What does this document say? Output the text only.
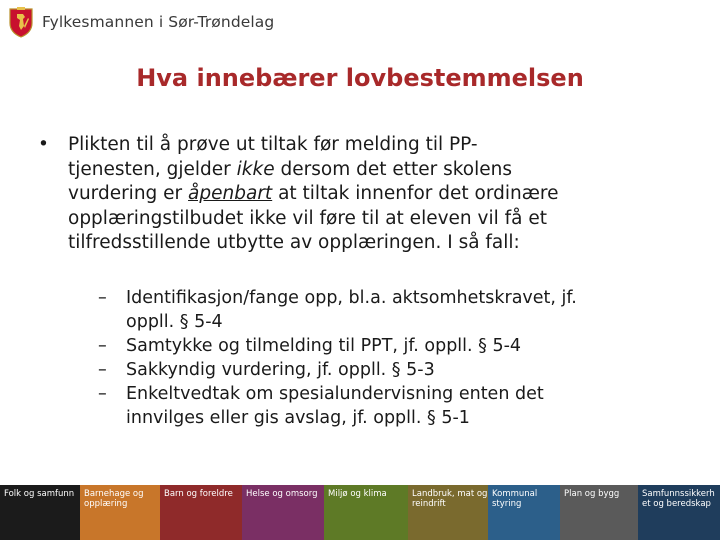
Fylkesmannen i Sør-Trøndelag
Hva innebærer lovbestemmelsen
• Plikten til å prøve ut tiltak før melding til PP-
tjenesten, gjelder ikke dersom det etter skolens
vurdering er åpenbart at tiltak innenfor det ordinære
opplæringstilbudet ikke vil føre til at eleven vil få et
tilfredsstillende utbytte av opplæringen. I så fall:
– Identifikasjon/fange opp, bl.a. aktsomhetskravet, jf.
oppll. § 5-4
– Samtykke og tilmelding til PPT, jf. oppll. § 5-4
– Sakkyndig vurdering, jf. oppll. § 5-3
– Enkeltvedtak om spesialundervisning enten det
innvilges eller gis avslag, jf. oppll. § 5-1
Folk og samfunn	Barnehage og
opplæring
Barn og foreldre	Helse og omsorg	Miljø og klima	Landbruk, mat og
reindrift
Kommunal
styring
Plan og bygg	Samfunnssikkerh
et og beredskap
